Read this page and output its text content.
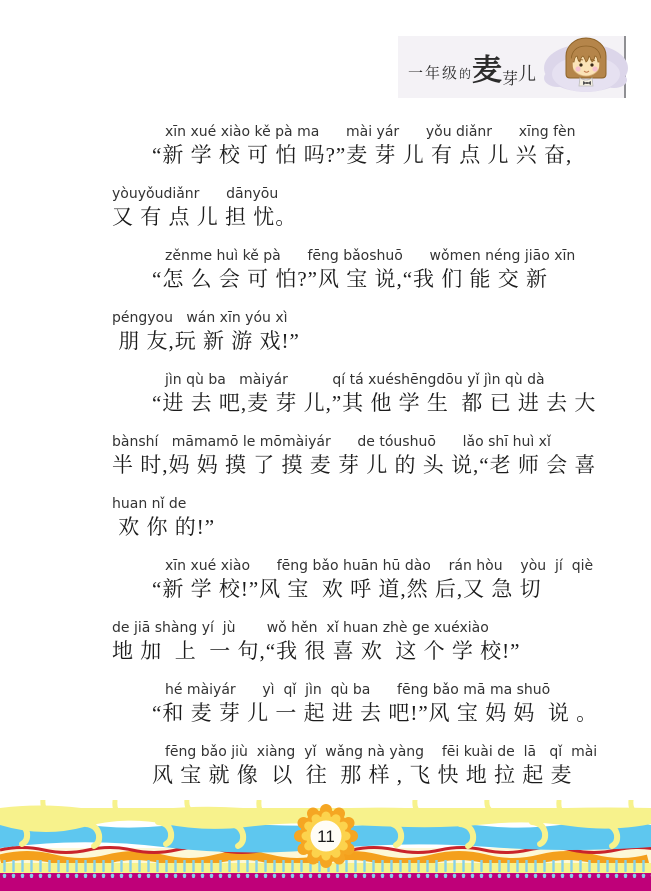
一年级的麦芽儿
xīn xué xiào kě pà ma      mài yár      yǒu diǎnr      xīng fèn
“新 学 校 可 怕 吗?”麦 芽 儿 有 点 儿 兴 奋,
yòuyǒudiǎnr      dānyōu
又 有 点 儿 担 忧。
zěnme huì kě pà      fēng bǎoshuō      wǒmen néng jiāo xīn
“怎 么 会 可 怕?”风 宝 说,“我 们 能 交 新
péngyou   wán xīn yóu xì
朋 友,玩 新 游 戏!”
jìn qù ba   màiyár          qí tá xuéshēngdōu yǐ jìn qù dà
“进 去 吧,麦 芽 儿,”其 他 学 生  都 已 进 去 大
bànshí   māmamō le mōmàiyár      de tóushuō      lǎo shī huì xǐ
半 时,妈 妈 摸 了 摸 麦 芽 儿 的 头 说,“老 师 会 喜
huan nǐ de
欢 你 的!”
xīn xué xiào      fēng bǎo huān hū dào    rán hòu    yòu  jí  qiè
“新 学 校!”风 宝  欢 呼 道,然 后,又 急 切
de jiā shàng yí  jù       wǒ hěn  xǐ huan zhè ge xuéxiào
地 加  上  一 句,“我 很 喜 欢  这 个 学 校!”
hé màiyár      yì  qǐ  jìn  qù ba      fēng bǎo mā ma shuō
“和 麦 芽 儿 一 起 进 去 吧!”风 宝 妈 妈  说 。
fēng bǎo jiù  xiàng  yǐ  wǎng nà yàng    fēi kuài de  lā   qǐ  mài
风 宝 就 像  以  往  那 样 , 飞 快 地 拉 起 麦
11
